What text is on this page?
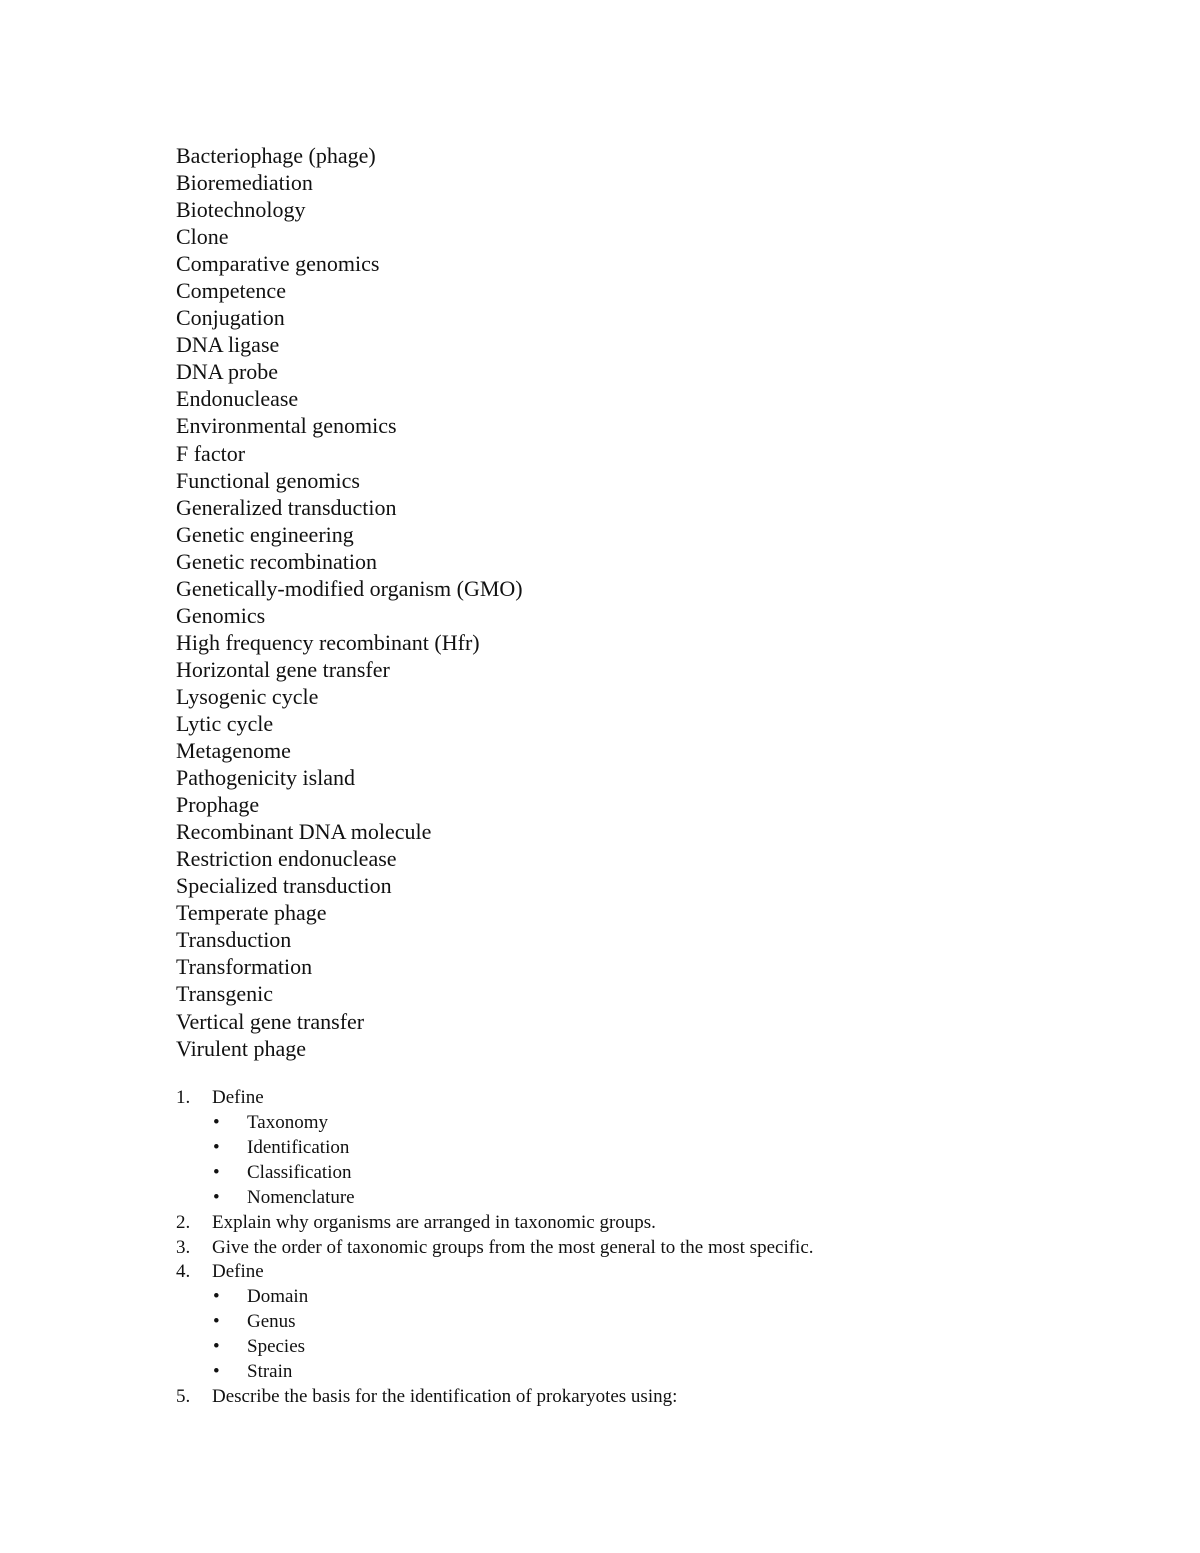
Bacteriophage (phage)
Bioremediation
Biotechnology
Clone
Comparative genomics
Competence
Conjugation
DNA ligase
DNA probe
Endonuclease
Environmental genomics
F factor
Functional genomics
Generalized transduction
Genetic engineering
Genetic recombination
Genetically-modified organism (GMO)
Genomics
High frequency recombinant (Hfr)
Horizontal gene transfer
Lysogenic cycle
Lytic cycle
Metagenome
Pathogenicity island
Prophage
Recombinant DNA molecule
Restriction endonuclease
Specialized transduction
Temperate phage
Transduction
Transformation
Transgenic
Vertical gene transfer
Virulent phage
1.	Define
• Taxonomy
• Identification
• Classification
• Nomenclature
2.	Explain why organisms are arranged in taxonomic groups.
3.	Give the order of taxonomic groups from the most general to the most specific.
4.	Define
• Domain
• Genus
• Species
• Strain
5.	Describe the basis for the identification of prokaryotes using:
